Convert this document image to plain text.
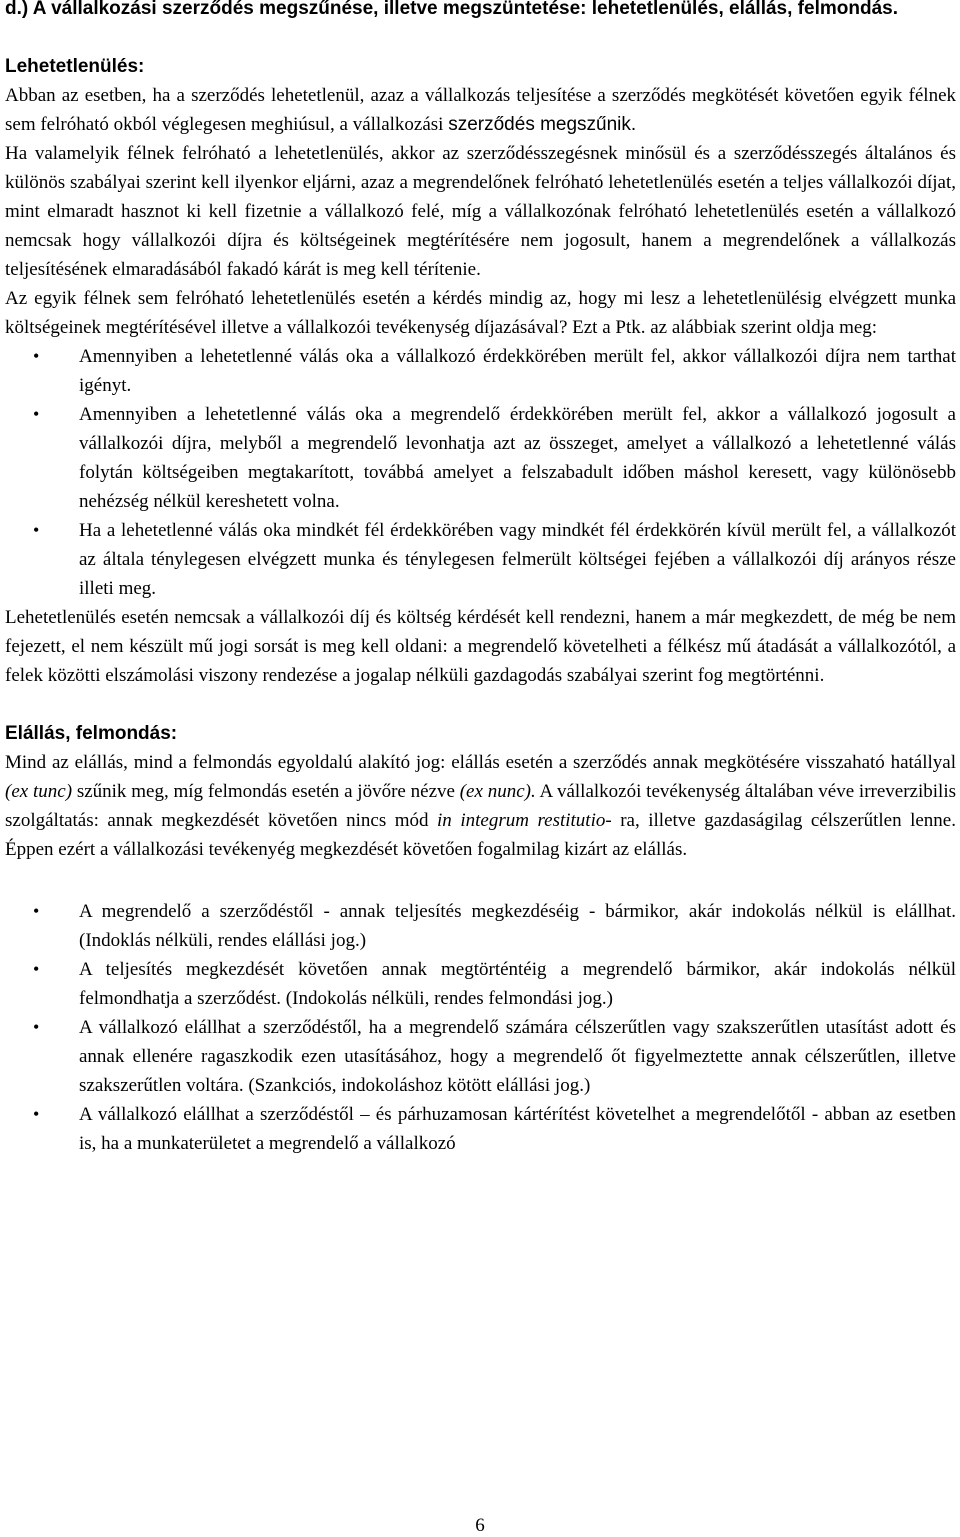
d.) A vállalkozási szerződés megszűnése, illetve megszüntetése: lehetetlenülés, elállás, felmondás.
Lehetetlenülés:

Abban az esetben, ha a szerződés lehetetlenül, azaz a vállalkozás teljesítése a szerződés megkötését követően egyik félnek sem felróható okból véglegesen meghiúsul, a vállalkozási szerződés megszűnik.

Ha valamelyik félnek felróható a lehetetlenülés, akkor az szerződésszegésnek minősül és a szerződésszegés általános és különös szabályai szerint kell ilyenkor eljárni, azaz a megrendelőnek felróható lehetetlenülés esetén a teljes vállalkozói díjat, mint elmaradt hasznot ki kell fizetnie a vállalkozó felé, míg a vállalkozónak felróható lehetetlenülés esetén a vállalkozó nemcsak hogy vállalkozói díjra és költségeinek megtérítésére nem jogosult, hanem a megrendelőnek a vállalkozás teljesítésének elmaradásából fakadó kárát is meg kell térítenie.

Az egyik félnek sem felróható lehetetlenülés esetén a kérdés mindig az, hogy mi lesz a lehetetlenülésig elvégzett munka költségeinek megtérítésével illetve a vállalkozói tevékenység díjazásával? Ezt a Ptk. az alábbiak szerint oldja meg:

• Amennyiben a lehetetlenné válás oka a vállalkozó érdekkörében merült fel, akkor vállalkozói díjra nem tarthat igényt.
• Amennyiben a lehetetlenné válás oka a megrendelő érdekkörében merült fel, akkor a vállalkozó jogosult a vállalkozói díjra, melyből a megrendelő levonhatja azt az összeget, amelyet a vállalkozó a lehetetlenné válás folytán költségeiben megtakarított, továbbá amelyet a felszabadult időben máshol keresett, vagy különösebb nehézség nélkül kereshetett volna.
• Ha a lehetetlenné válás oka mindkét fél érdekkörében vagy mindkét fél érdekkörén kívül merült fel, a vállalkozót az általa ténylegesen elvégzett munka és ténylegesen felmerült költségei fejében a vállalkozói díj arányos része illeti meg.

Lehetetlenülés esetén nemcsak a vállalkozói díj és költség kérdését kell rendezni, hanem a már megkezdett, de még be nem fejezett, el nem készült mű jogi sorsát is meg kell oldani: a megrendelő követelheti a félkész mű átadását a vállalkozótól, a felek közötti elszámolási viszony rendezése a jogalap nélküli gazdagodás szabályai szerint fog megtörténni.

Elállás, felmondás:

Mind az elállás, mind a felmondás egyoldalú alakító jog: elállás esetén a szerződés annak megkötésére visszaható hatállyal (ex tunc) szűnik meg, míg felmondás esetén a jövőre nézve (ex nunc). A vállalkozói tevékenység általában véve irreverzibilis szolgáltatás: annak megkezdését követően nincs mód in integrum restitutio- ra, illetve gazdaságilag célszerűtlen lenne. Éppen ezért a vállalkozási tevékenyég megkezdését követően fogalmilag kizárt az elállás.

• A megrendelő a szerződéstől - annak teljesítés megkezdéséig - bármikor, akár indokolás nélkül is elállhat. (Indoklás nélküli, rendes elállási jog.)
• A teljesítés megkezdését követően annak megtörténtéig a megrendelő bármikor, akár indokolás nélkül felmondhatja a szerződést. (Indokolás nélküli, rendes felmondási jog.)
• A vállalkozó elállhat a szerződéstől, ha a megrendelő számára célszerűtlen vagy szakszerűtlen utasítást adott és annak ellenére ragaszkodik ezen utasításához, hogy a megrendelő őt figyelmeztette annak célszerűtlen, illetve szakszerűtlen voltára. (Szankciós, indokoláshoz kötött elállási jog.)
• A vállalkozó elállhat a szerződéstől – és párhuzamosan kártérítést követelhet a megrendelőtől - abban az esetben is, ha a munkaterületet a megrendelő a vállalkozó
6
